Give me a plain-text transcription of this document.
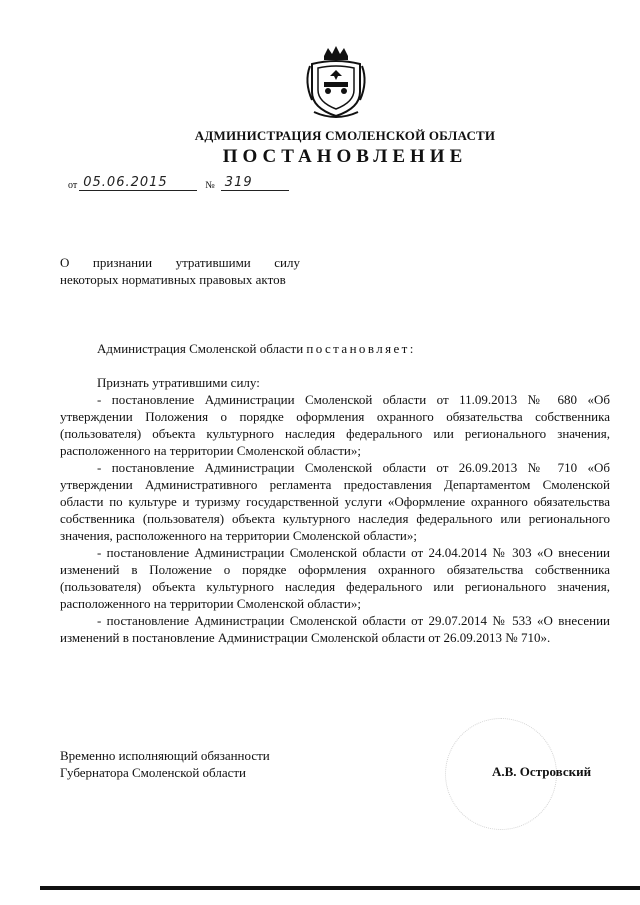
АДМИНИСТРАЦИЯ СМОЛЕНСКОЙ ОБЛАСТИ
ПОСТАНОВЛЕНИЕ
от 05.06.2015	№ 319
О признании утратившими силу некоторых нормативных правовых актов

Администрация Смоленской области постановляет:

Признать утратившими силу:

- постановление Администрации Смоленской области от 11.09.2013 № 680 «Об утверждении Положения о порядке оформления охранного обязательства собственника (пользователя) объекта культурного наследия федерального или регионального значения, расположенного на территории Смоленской области»;

- постановление Администрации Смоленской области от 26.09.2013 № 710 «Об утверждении Административного регламента предоставления Департаментом Смоленской области по культуре и туризму государственной услуги «Оформление охранного обязательства собственника (пользователя) объекта культурного наследия федерального или регионального значения, расположенного на территории Смоленской области»;

- постановление Администрации Смоленской области от 24.04.2014 № 303 «О внесении изменений в Положение о порядке оформления охранного обязательства собственника (пользователя) объекта культурного наследия федерального или регионального значения, расположенного на территории Смоленской области»;

- постановление Администрации Смоленской области от 29.07.2014 № 533 «О внесении изменений в постановление Администрации Смоленской области от 26.09.2013 № 710».

Временно исполняющий обязанности
Губернатора Смоленской области	А.В. Островский
